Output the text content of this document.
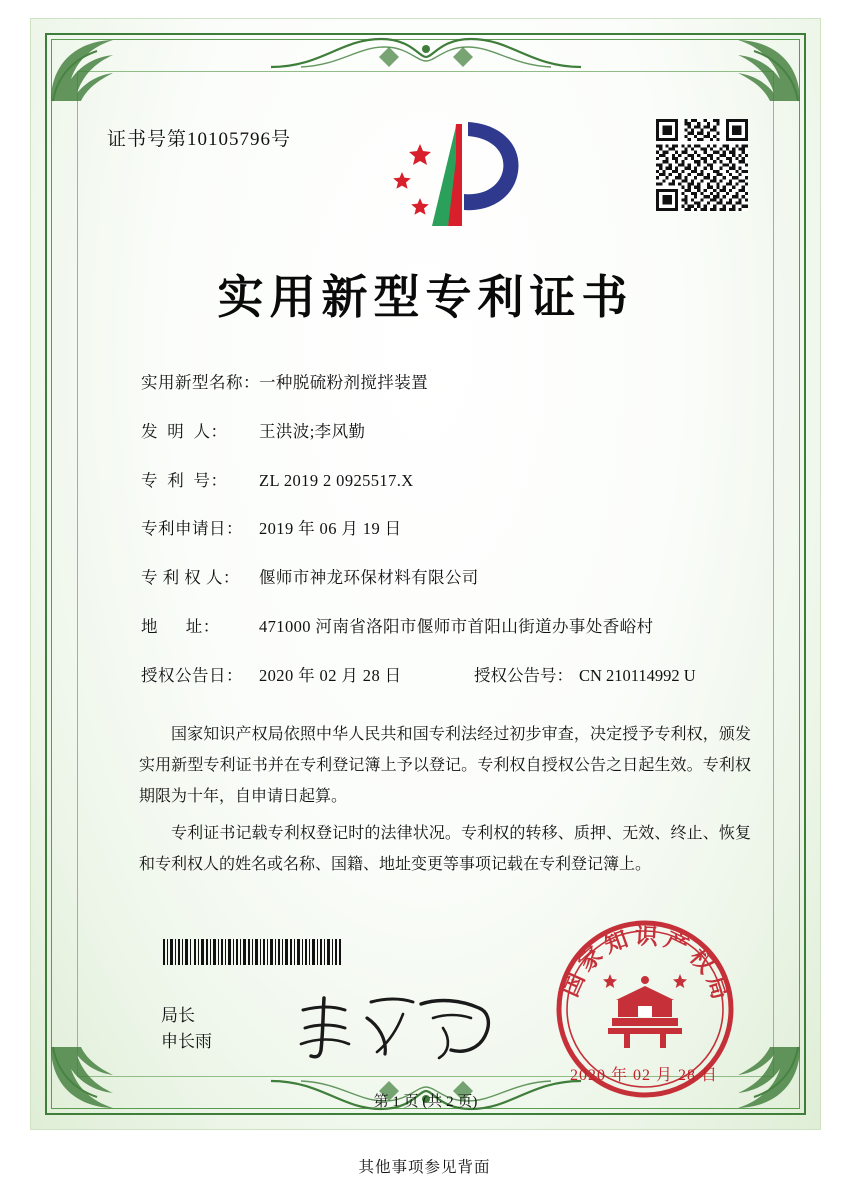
证书号第10105796号
实用新型专利证书
实用新型名称： 一种脱硫粉剂搅拌装置
发  明  人：	王洪波;李风勤
专  利  号：	ZL 2019 2 0925517.X
专利申请日： 2019 年 06 月 19 日
专 利 权 人：	偃师市神龙环保材料有限公司
地      址：	471000 河南省洛阳市偃师市首阳山街道办事处香峪村
授权公告日： 2020 年 02 月 28 日	授权公告号： CN 210114992 U

国家知识产权局依照中华人民共和国专利法经过初步审查，决定授予专利权，颁发实用新型专利证书并在专利登记簿上予以登记。专利权自授权公告之日起生效。专利权期限为十年，自申请日起算。

专利证书记载专利权登记时的法律状况。专利权的转移、质押、无效、终止、恢复和专利权人的姓名或名称、国籍、地址变更等事项记载在专利登记簿上。

局长
申长雨
国家知识产权局
2020 年 02 月 28 日
第 1 页 (共 2 页)
其他事项参见背面
